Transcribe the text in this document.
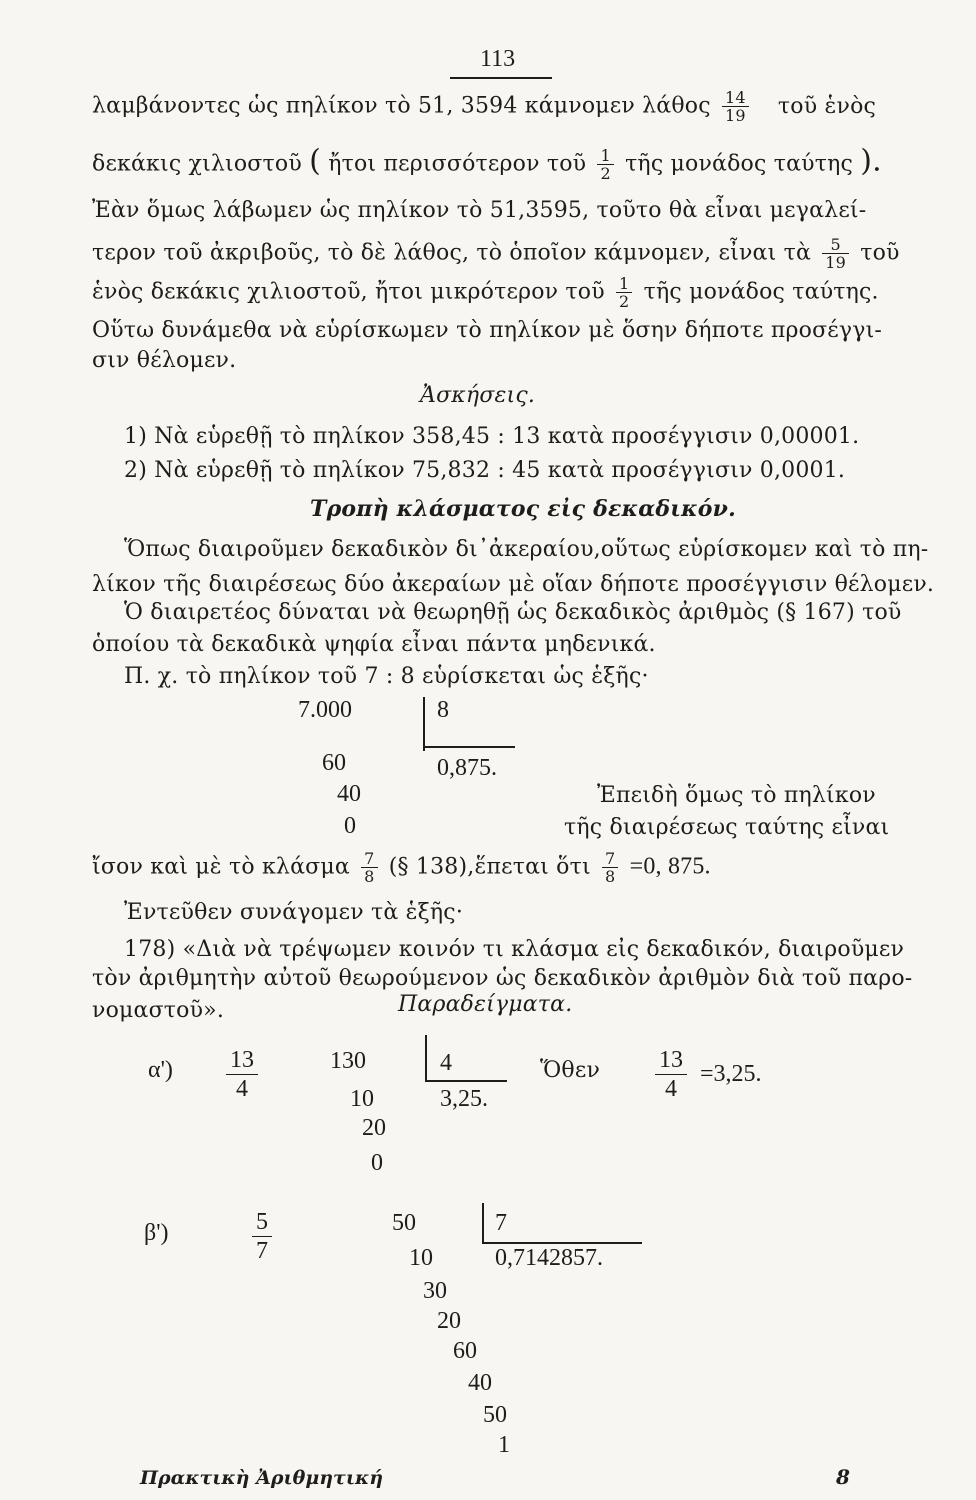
113
λαμβάνοντες ὡς πηλίκον τὸ 51, 3594 κάμνομεν λάθος $\frac{14}{19}$ τοῦ ἑνὸς
δεκάκις χιλιοστοῦ ( ἤτοι περισσότερον τοῦ $\frac{1}{2}$ τῆς μονάδος ταύτης ).
Ἐὰν ὅμως λάβωμεν ὡς πηλίκον τὸ 51,3595, τοῦτο θὰ εἶναι μεγαλεί-
τερον τοῦ ἀκριβοῦς, τὸ δὲ λάθος, τὸ ὁποῖον κάμνομεν, εἶναι τὰ $\frac{5}{19}$ τοῦ
ἑνὸς δεκάκις χιλιοστοῦ, ἤτοι μικρότερον τοῦ $\frac{1}{2}$ τῆς μονάδος ταύτης.
Οὕτω δυνάμεθα νὰ εὑρίσκωμεν τὸ πηλίκον μὲ ὅσην δήποτε προσέγγι-
σιν θέλομεν.
Ἀσκήσεις.
1) Νὰ εὑρεθῇ τὸ πηλίκον 358,45 : 13 κατὰ προσέγγισιν 0,00001.
2) Νὰ εὑρεθῇ τὸ πηλίκον 75,832 : 45 κατὰ προσέγγισιν 0,0001.
Τροπὴ κλάσματος εἰς δεκαδικόν.
Ὅπως διαιροῦμεν δεκαδικὸν δι᾽ἀκεραίου,οὕτως εὑρίσκομεν καὶ τὸ πη-
λίκον τῆς διαιρέσεως δύο ἀκεραίων μὲ οἵαν δήποτε προσέγγισιν θέλομεν.
Ὁ διαιρετέος δύναται νὰ θεωρηθῇ ὡς δεκαδικὸς ἀριθμὸς (§ 167) τοῦ
ὁποίου τὰ δεκαδικὰ ψηφία εἶναι πάντα μηδενικά.
Π. χ. τὸ πηλίκον τοῦ 7 : 8 εὑρίσκεται ὡς ἑξῆς·
7.000	8
60	0,875.
40
0
Ἐπειδὴ ὅμως τὸ πηλίκον
τῆς διαιρέσεως ταύτης εἶναι
ἴσον καὶ μὲ τὸ κλάσμα $\frac{7}{8}$ (§ 138),ἕπεται ὅτι $\frac{7}{8} =0$, 875.
Ἐντεῦθεν συνάγομεν τὰ ἑξῆς·
178) «Διὰ νὰ τρέψωμεν κοινόν τι κλάσμα εἰς δεκαδικόν, διαιροῦμεν
τὸν ἀριθμητὴν αὐτοῦ θεωρούμενον ὡς δεκαδικὸν ἀριθμὸν διὰ τοῦ παρο-
νομαστοῦ».	Παραδείγματα.
$\alpha') \frac{13}{4}$	130	4
10	3,25.
20
0
Ὅθεν $\frac{13}{4} =3,25$.
β')	$\frac{5}{7}$	50	7
10	0,7142857.
30
20
60
40
50
1
Πρακτικὴ Ἀριθμητική	8
